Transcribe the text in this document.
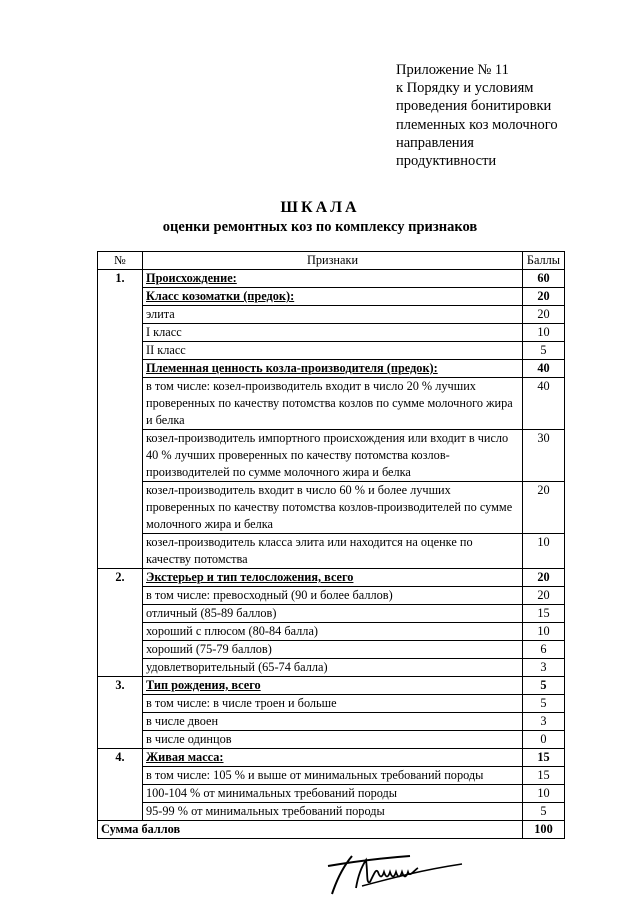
Приложение № 11
к Порядку и условиям
проведения бонитировки
племенных коз молочного
направления
продуктивности
ШКАЛА
оценки ремонтных коз по комплексу признаков
№	Признаки	Баллы
1.	Происхождение:	60
	Класс козоматки (предок):	20
	элита	20
	I класс	10
	II класс	5
	Племенная ценность козла-производителя (предок):	40
	в том числе: козел-производитель входит в число 20 % лучших проверенных по качеству потомства козлов по сумме молочного жира и белка	40
	козел-производитель импортного происхождения или входит в число 40 % лучших проверенных по качеству потомства козлов-производителей по сумме молочного жира и белка	30
	козел-производитель входит в число 60 % и более лучших проверенных по качеству потомства козлов-производителей по сумме молочного жира и белка	20
	козел-производитель класса элита или находится на оценке по качеству потомства	10
2.	Экстерьер и тип телосложения, всего	20
	в том числе: превосходный (90 и более баллов)	20
	отличный (85-89 баллов)	15
	хороший с плюсом (80-84 балла)	10
	хороший (75-79 баллов)	6
	удовлетворительный (65-74 балла)	3
3.	Тип рождения, всего	5
	в том числе: в числе троен и больше	5
	в числе двоен	3
	в числе одинцов	0
4.	Живая масса:	15
	в том числе: 105 % и выше от минимальных требований породы	15
	100-104 % от минимальных требований породы	10
	95-99 % от минимальных требований породы	5
Сумма баллов		100
